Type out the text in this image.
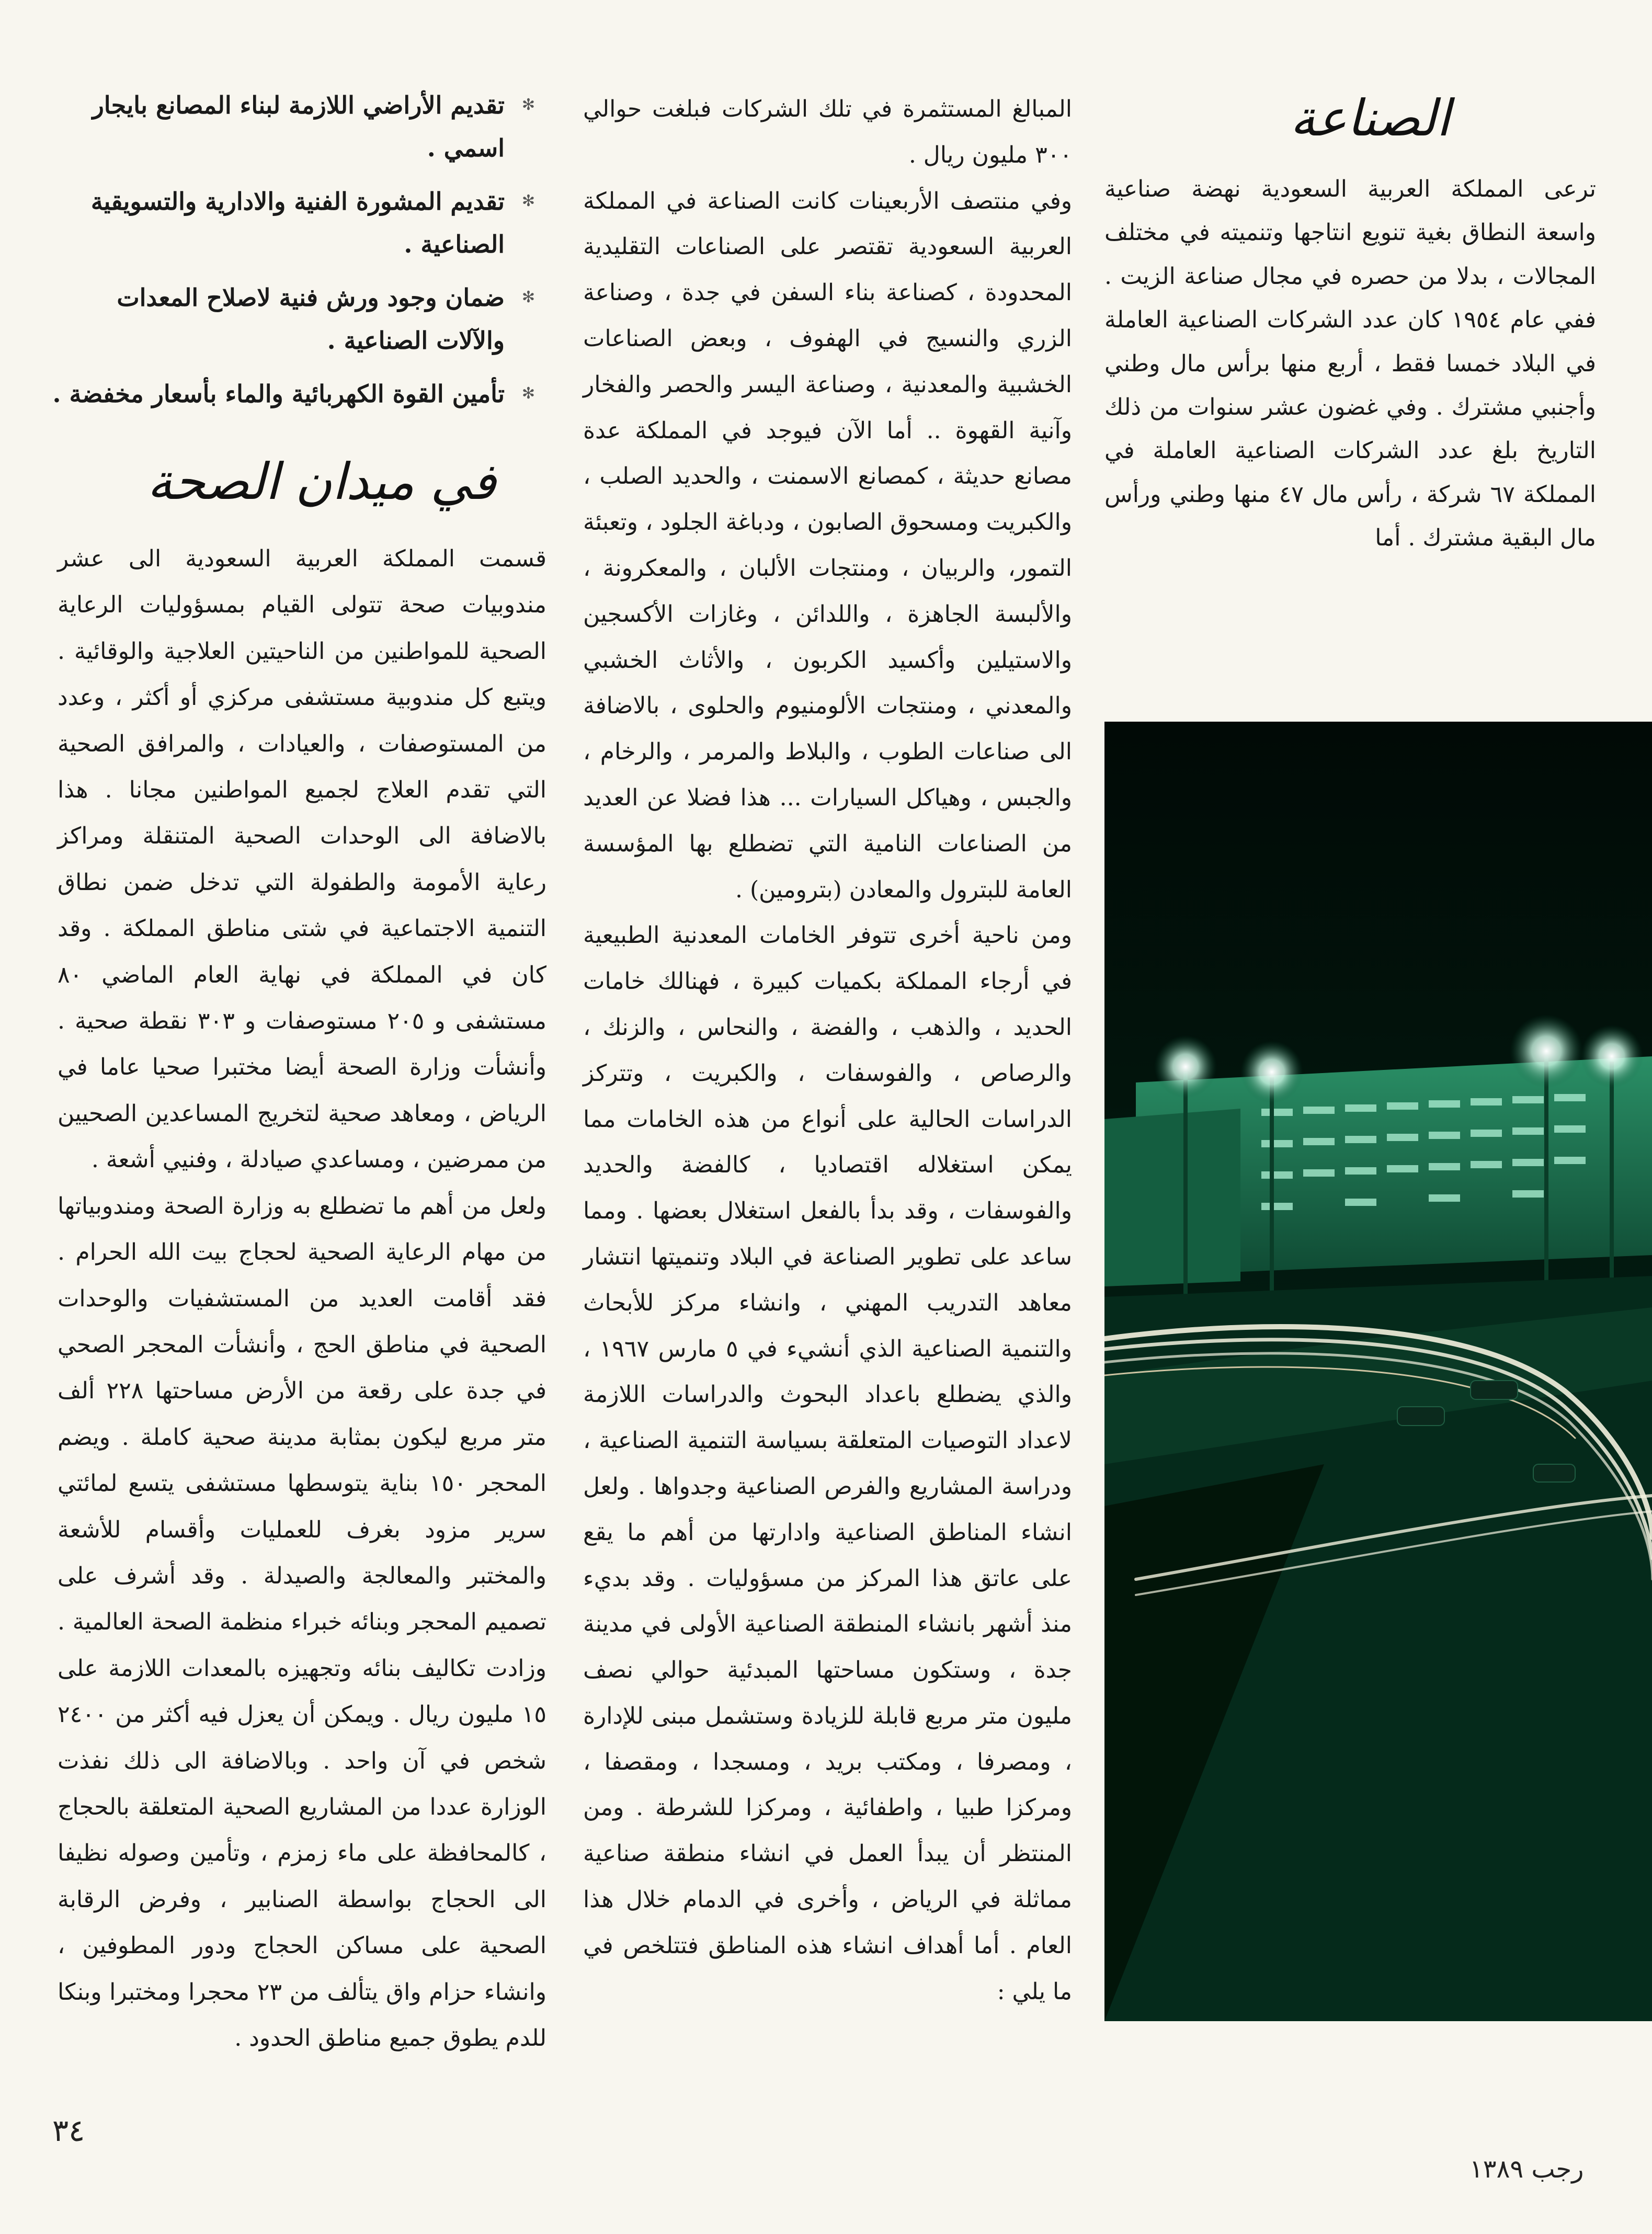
الصناعة
في ميدان الصحة

ترعى المملكة العربية السعودية نهضة صناعية واسعة النطاق بغية تنويع انتاجها وتنميته في مختلف المجالات ، بدلا من حصره في مجال صناعة الزيت . ففي عام ١٩٥٤ كان عدد الشركات الصناعية العاملة في البلاد خمسا فقط ، أربع منها برأس مال وطني وأجنبي مشترك . وفي غضون عشر سنوات من ذلك التاريخ بلغ عدد الشركات الصناعية العاملة في المملكة ٦٧ شركة ، رأس مال ٤٧ منها وطني ورأس مال البقية مشترك . أما

المبالغ المستثمرة في تلك الشركات فبلغت حوالي ٣٠٠ مليون ريال .

وفي منتصف الأربعينات كانت الصناعة في المملكة العربية السعودية تقتصر على الصناعات التقليدية المحدودة ، كصناعة بناء السفن في جدة ، وصناعة الزري والنسيج في الهفوف ، وبعض الصناعات الخشبية والمعدنية ، وصناعة اليسر والحصر والفخار وآنية القهوة .. أما الآن فيوجد في المملكة عدة مصانع حديثة ، كمصانع الاسمنت ، والحديد الصلب ، والكبريت ومسحوق الصابون ، ودباغة الجلود ، وتعبئة التمور، والربيان ، ومنتجات الألبان ، والمعكرونة ، والألبسة الجاهزة ، واللدائن ، وغازات الأكسجين والاستيلين وأكسيد الكربون ، والأثاث الخشبي والمعدني ، ومنتجات الألومنيوم والحلوى ، بالاضافة الى صناعات الطوب ، والبلاط والمرمر ، والرخام ، والجبس ، وهياكل السيارات ... هذا فضلا عن العديد من الصناعات النامية التي تضطلع بها المؤسسة العامة للبترول والمعادن (بترومين) .

ومن ناحية أخرى تتوفر الخامات المعدنية الطبيعية في أرجاء المملكة بكميات كبيرة ، فهنالك خامات الحديد ، والذهب ، والفضة ، والنحاس ، والزنك ، والرصاص ، والفوسفات ، والكبريت ، وتتركز الدراسات الحالية على أنواع من هذه الخامات مما يمكن استغلاله اقتصاديا ، كالفضة والحديد والفوسفات ، وقد بدأ بالفعل استغلال بعضها . ومما ساعد على تطوير الصناعة في البلاد وتنميتها انتشار معاهد التدريب المهني ، وانشاء مركز للأبحاث والتنمية الصناعية الذي أنشيء في ٥ مارس ١٩٦٧ ، والذي يضطلع باعداد البحوث والدراسات اللازمة لاعداد التوصيات المتعلقة بسياسة التنمية الصناعية ، ودراسة المشاريع والفرص الصناعية وجدواها . ولعل انشاء المناطق الصناعية وادارتها من أهم ما يقع على عاتق هذا المركز من مسؤوليات . وقد بديء منذ أشهر بانشاء المنطقة الصناعية الأولى في مدينة جدة ، وستكون مساحتها المبدئية حوالي نصف مليون متر مربع قابلة للزيادة وستشمل مبنى للإدارة ، ومصرفا ، ومكتب بريد ، ومسجدا ، ومقصفا ، ومركزا طبيا ، واطفائية ، ومركزا للشرطة . ومن المنتظر أن يبدأ العمل في انشاء منطقة صناعية مماثلة في الرياض ، وأخرى في الدمام خلال هذا العام . أما أهداف انشاء هذه المناطق فتتلخص في ما يلي :

✻
تقديم الأراضي اللازمة لبناء المصانع بايجار اسمي .
✻
تقديم المشورة الفنية والادارية والتسويقية الصناعية .
✻
ضمان وجود ورش فنية لاصلاح المعدات والآلات الصناعية .
✻
تأمين القوة الكهربائية والماء بأسعار مخفضة .

قسمت المملكة العربية السعودية الى عشر مندوبيات صحة تتولى القيام بمسؤوليات الرعاية الصحية للمواطنين من الناحيتين العلاجية والوقائية . ويتبع كل مندوبية مستشفى مركزي أو أكثر ، وعدد من المستوصفات ، والعيادات ، والمرافق الصحية التي تقدم العلاج لجميع المواطنين مجانا . هذا بالاضافة الى الوحدات الصحية المتنقلة ومراكز رعاية الأمومة والطفولة التي تدخل ضمن نطاق التنمية الاجتماعية في شتى مناطق المملكة . وقد كان في المملكة في نهاية العام الماضي ٨٠ مستشفى و ٢٠٥ مستوصفات و ٣٠٣ نقطة صحية . وأنشأت وزارة الصحة أيضا مختبرا صحيا عاما في الرياض ، ومعاهد صحية لتخريج المساعدين الصحيين من ممرضين ، ومساعدي صيادلة ، وفنيي أشعة .

ولعل من أهم ما تضطلع به وزارة الصحة ومندوبياتها من مهام الرعاية الصحية لحجاج بيت الله الحرام . فقد أقامت العديد من المستشفيات والوحدات الصحية في مناطق الحج ، وأنشأت المحجر الصحي في جدة على رقعة من الأرض مساحتها ٢٢٨ ألف متر مربع ليكون بمثابة مدينة صحية كاملة . ويضم المحجر ١٥٠ بناية يتوسطها مستشفى يتسع لمائتي سرير مزود بغرف للعمليات وأقسام للأشعة والمختبر والمعالجة والصيدلة . وقد أشرف على تصميم المحجر وبنائه خبراء منظمة الصحة العالمية . وزادت تكاليف بنائه وتجهيزه بالمعدات اللازمة على ١٥ مليون ريال . ويمكن أن يعزل فيه أكثر من ٢٤٠٠ شخص في آن واحد . وبالاضافة الى ذلك نفذت الوزارة عددا من المشاريع الصحية المتعلقة بالحجاج ، كالمحافظة على ماء زمزم ، وتأمين وصوله نظيفا الى الحجاج بواسطة الصنابير ، وفرض الرقابة الصحية على مساكن الحجاج ودور المطوفين ، وانشاء حزام واق يتألف من ٢٣ محجرا ومختبرا وبنكا للدم يطوق جميع مناطق الحدود .

٣٤
رجب ١٣٨٩
